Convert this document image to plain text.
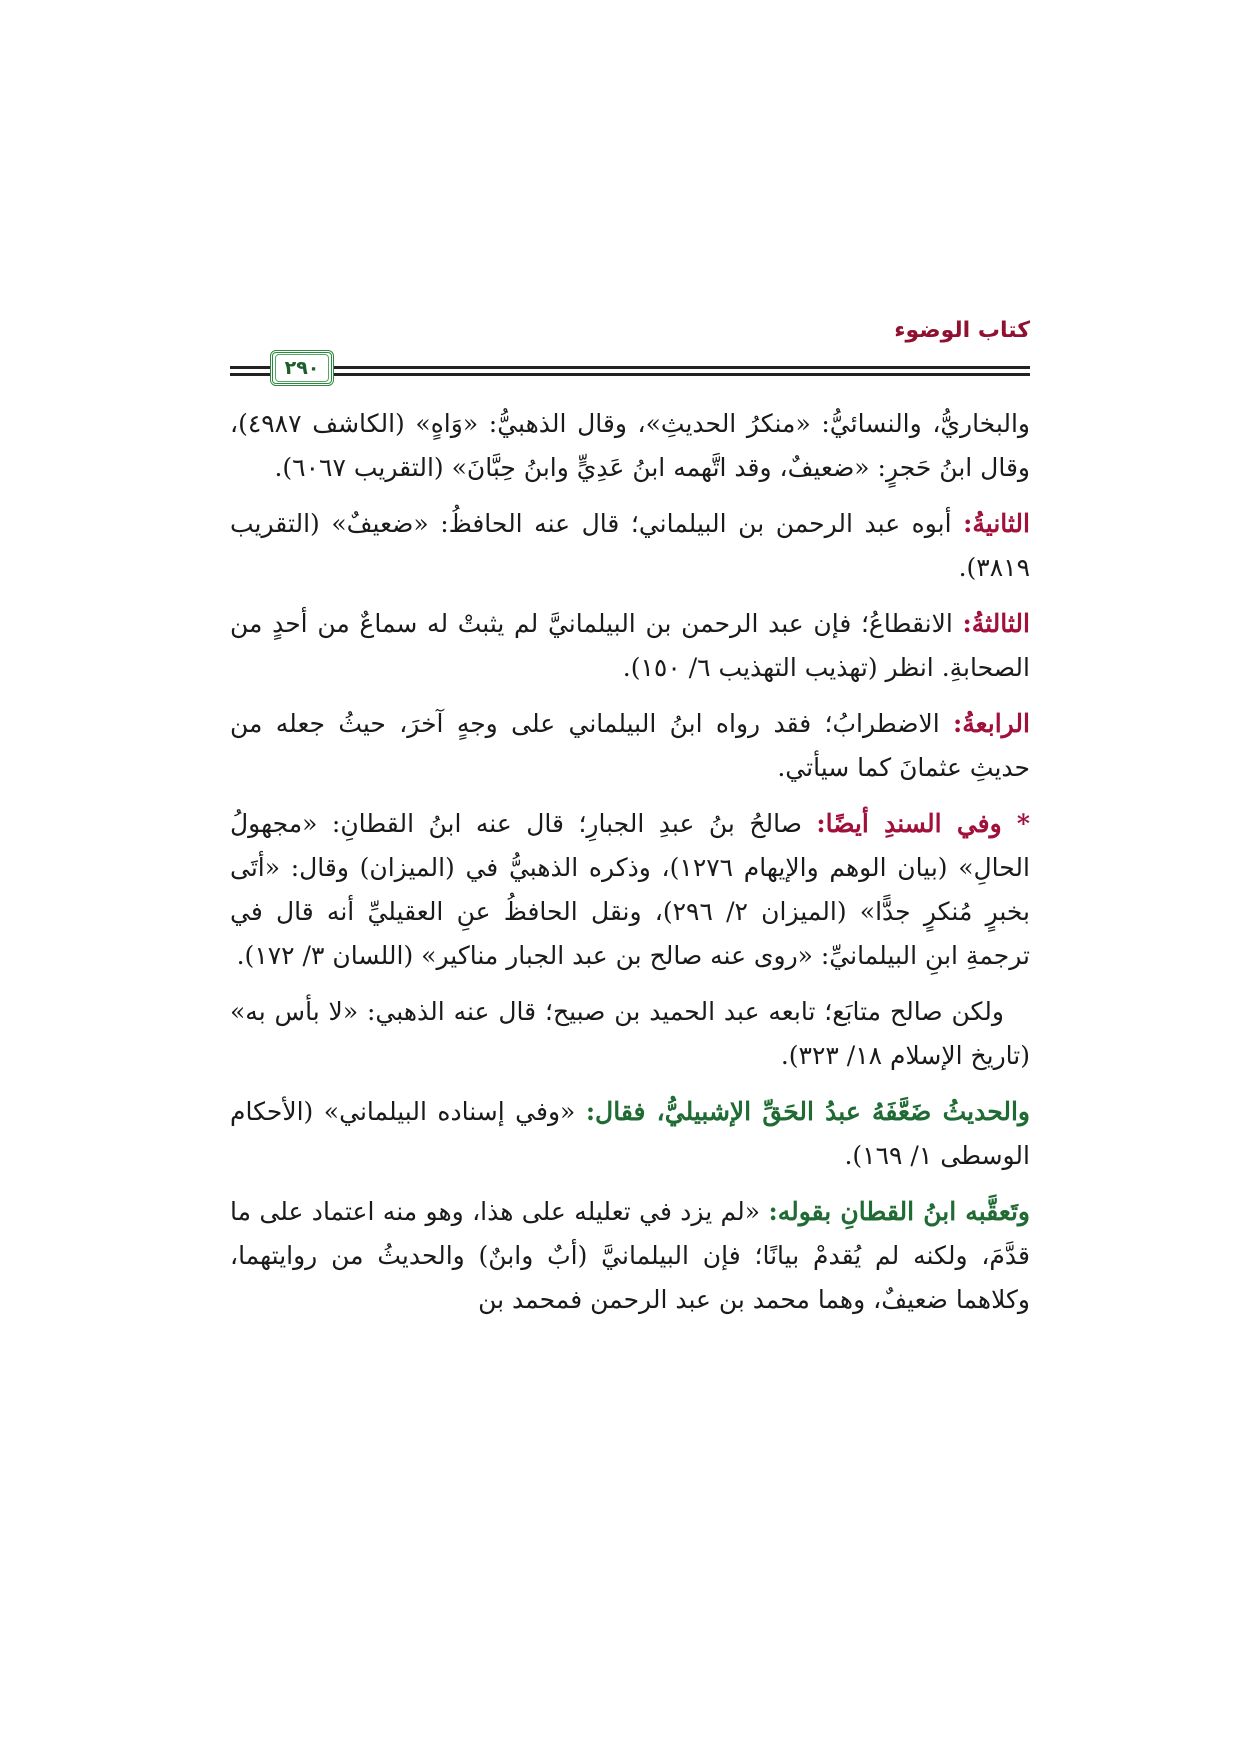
كتاب الوضوء
٢٩٠

والبخاريُّ، والنسائيُّ: «منكرُ الحديثِ»، وقال الذهبيُّ: «وَاهٍ» (الكاشف ٤٩٨٧)، وقال ابنُ حَجرٍ: «ضعيفٌ، وقد اتَّهمه ابنُ عَدِيٍّ وابنُ حِبَّانَ» (التقريب ٦٠٦٧).

الثانيةُ: أبوه عبد الرحمن بن البيلماني؛ قال عنه الحافظُ: «ضعيفٌ» (التقريب ٣٨١٩).

الثالثةُ: الانقطاعُ؛ فإن عبد الرحمن بن البيلمانيَّ لم يثبتْ له سماعٌ من أحدٍ من الصحابةِ. انظر (تهذيب التهذيب ٦/ ١٥٠).

الرابعةُ: الاضطرابُ؛ فقد رواه ابنُ البيلماني على وجهٍ آخرَ، حيثُ جعله من حديثِ عثمانَ كما سيأتي.

* وفي السندِ أيضًا: صالحُ بنُ عبدِ الجبارِ؛ قال عنه ابنُ القطانِ: «مجهولُ الحالِ» (بيان الوهم والإيهام ١٢٧٦)، وذكره الذهبيُّ في (الميزان) وقال: «أتَى بخبرٍ مُنكرٍ جدًّا» (الميزان ٢/ ٢٩٦)، ونقل الحافظُ عنِ العقيليِّ أنه قال في ترجمةِ ابنِ البيلمانيِّ: «روى عنه صالح بن عبد الجبار مناكير» (اللسان ٣/ ١٧٢).

ولكن صالح متابَع؛ تابعه عبد الحميد بن صبيح؛ قال عنه الذهبي: «لا بأس به» (تاريخ الإسلام ١٨/ ٣٢٣).

والحديثُ ضَعَّفَهُ عبدُ الحَقِّ الإشبيليُّ، فقال: «وفي إسناده البيلماني» (الأحكام الوسطى ١/ ١٦٩).

وتَعقَّبه ابنُ القطانِ بقوله: «لم يزد في تعليله على هذا، وهو منه اعتماد على ما قدَّمَ، ولكنه لم يُقدمْ بيانًا؛ فإن البيلمانيَّ (أبٌ وابنٌ) والحديثُ من روايتهما، وكلاهما ضعيفٌ، وهما محمد بن عبد الرحمن فمحمد بن
